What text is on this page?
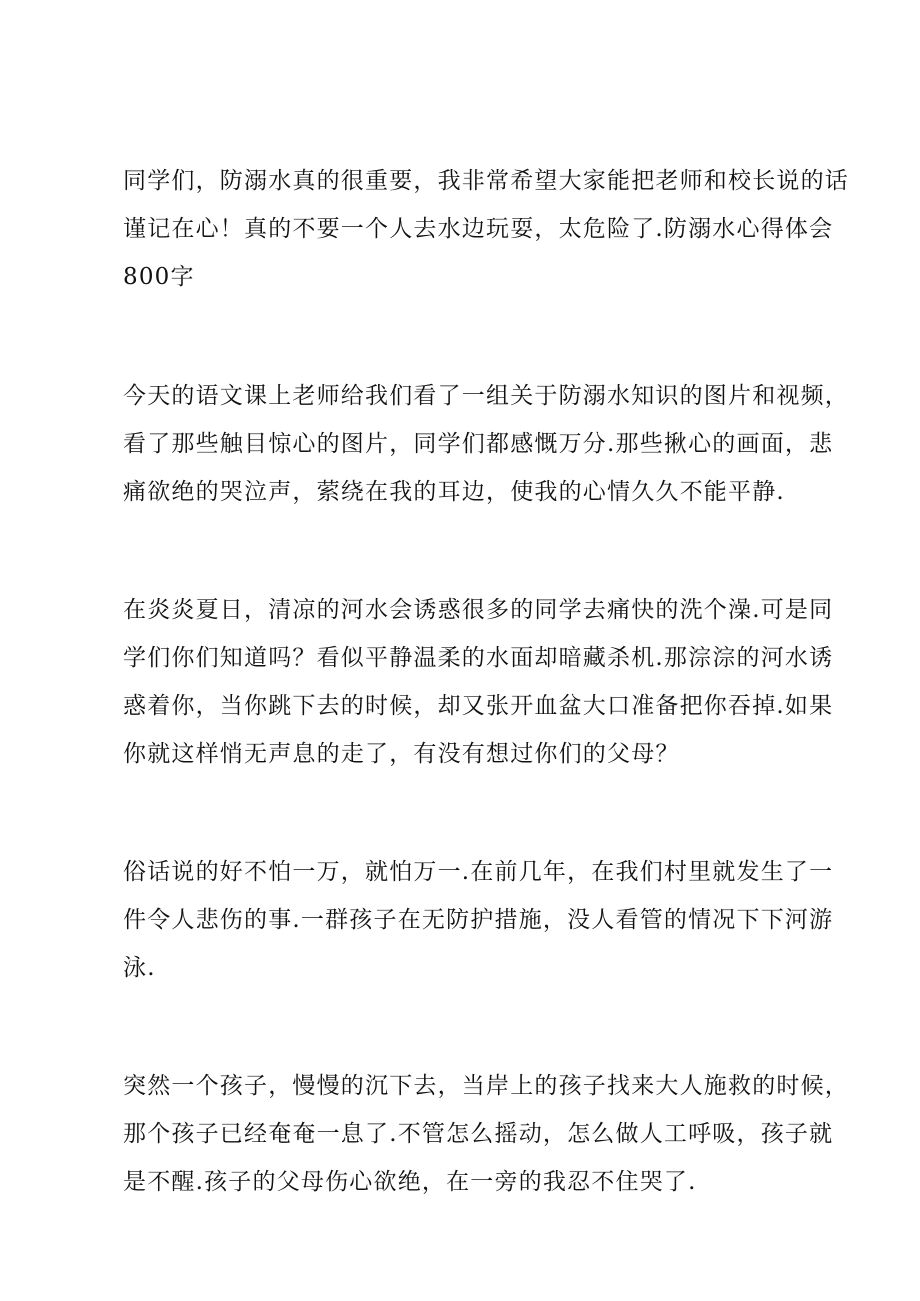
同学们，防溺水真的很重要，我非常希望大家能把老师和校长说的话
谨记在心！真的不要一个人去水边玩耍，太危险了.防溺水心得体会
800字
今天的语文课上老师给我们看了一组关于防溺水知识的图片和视频，
看了那些触目惊心的图片，同学们都感慨万分.那些揪心的画面，悲
痛欲绝的哭泣声，萦绕在我的耳边，使我的心情久久不能平静.
在炎炎夏日，清凉的河水会诱惑很多的同学去痛快的洗个澡.可是同
学们你们知道吗？看似平静温柔的水面却暗藏杀机.那淙淙的河水诱
惑着你，当你跳下去的时候，却又张开血盆大口准备把你吞掉.如果
你就这样悄无声息的走了，有没有想过你们的父母？
俗话说的好不怕一万，就怕万一.在前几年，在我们村里就发生了一
件令人悲伤的事.一群孩子在无防护措施，没人看管的情况下下河游
泳.
突然一个孩子，慢慢的沉下去，当岸上的孩子找来大人施救的时候，
那个孩子已经奄奄一息了.不管怎么摇动，怎么做人工呼吸，孩子就
是不醒.孩子的父母伤心欲绝，在一旁的我忍不住哭了.
